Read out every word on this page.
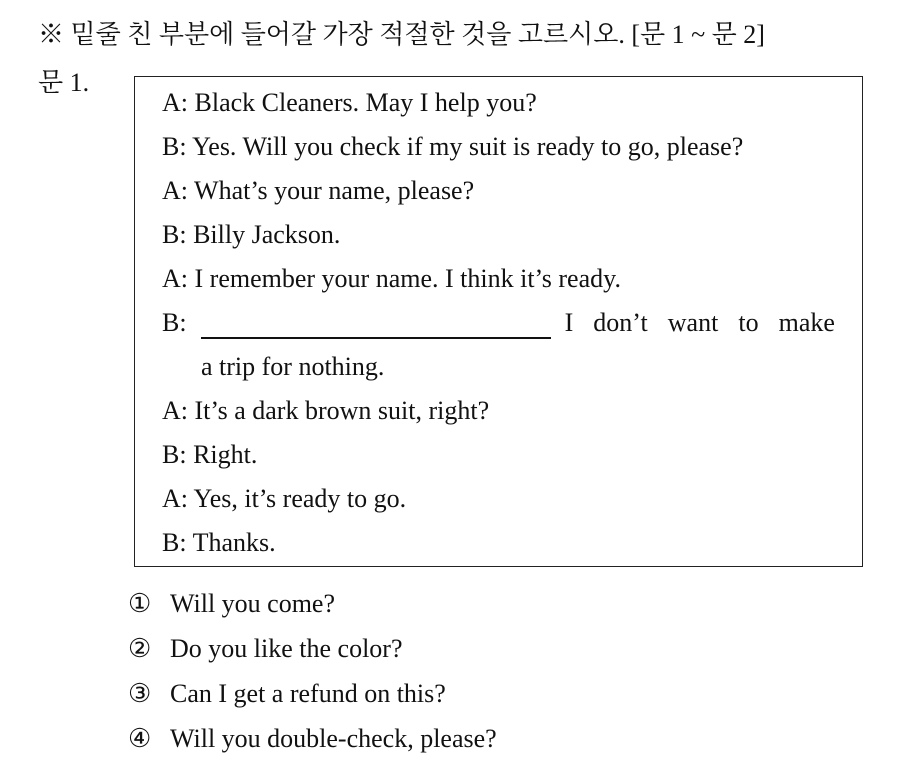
※ 밑줄 친 부분에 들어갈 가장 적절한 것을 고르시오. [문 1 ~ 문 2]
문 1.
A: Black Cleaners. May I help you?
B: Yes. Will you check if my suit is ready to go, please?
A: What’s your name, please?
B: Billy Jackson.
A: I remember your name. I think it’s ready.
B:	I don’t want to make
a trip for nothing.
A: It’s a dark brown suit, right?
B: Right.
A: Yes, it’s ready to go.
B: Thanks.
① Will you come?
② Do you like the color?
③ Can I get a refund on this?
④ Will you double-check, please?
